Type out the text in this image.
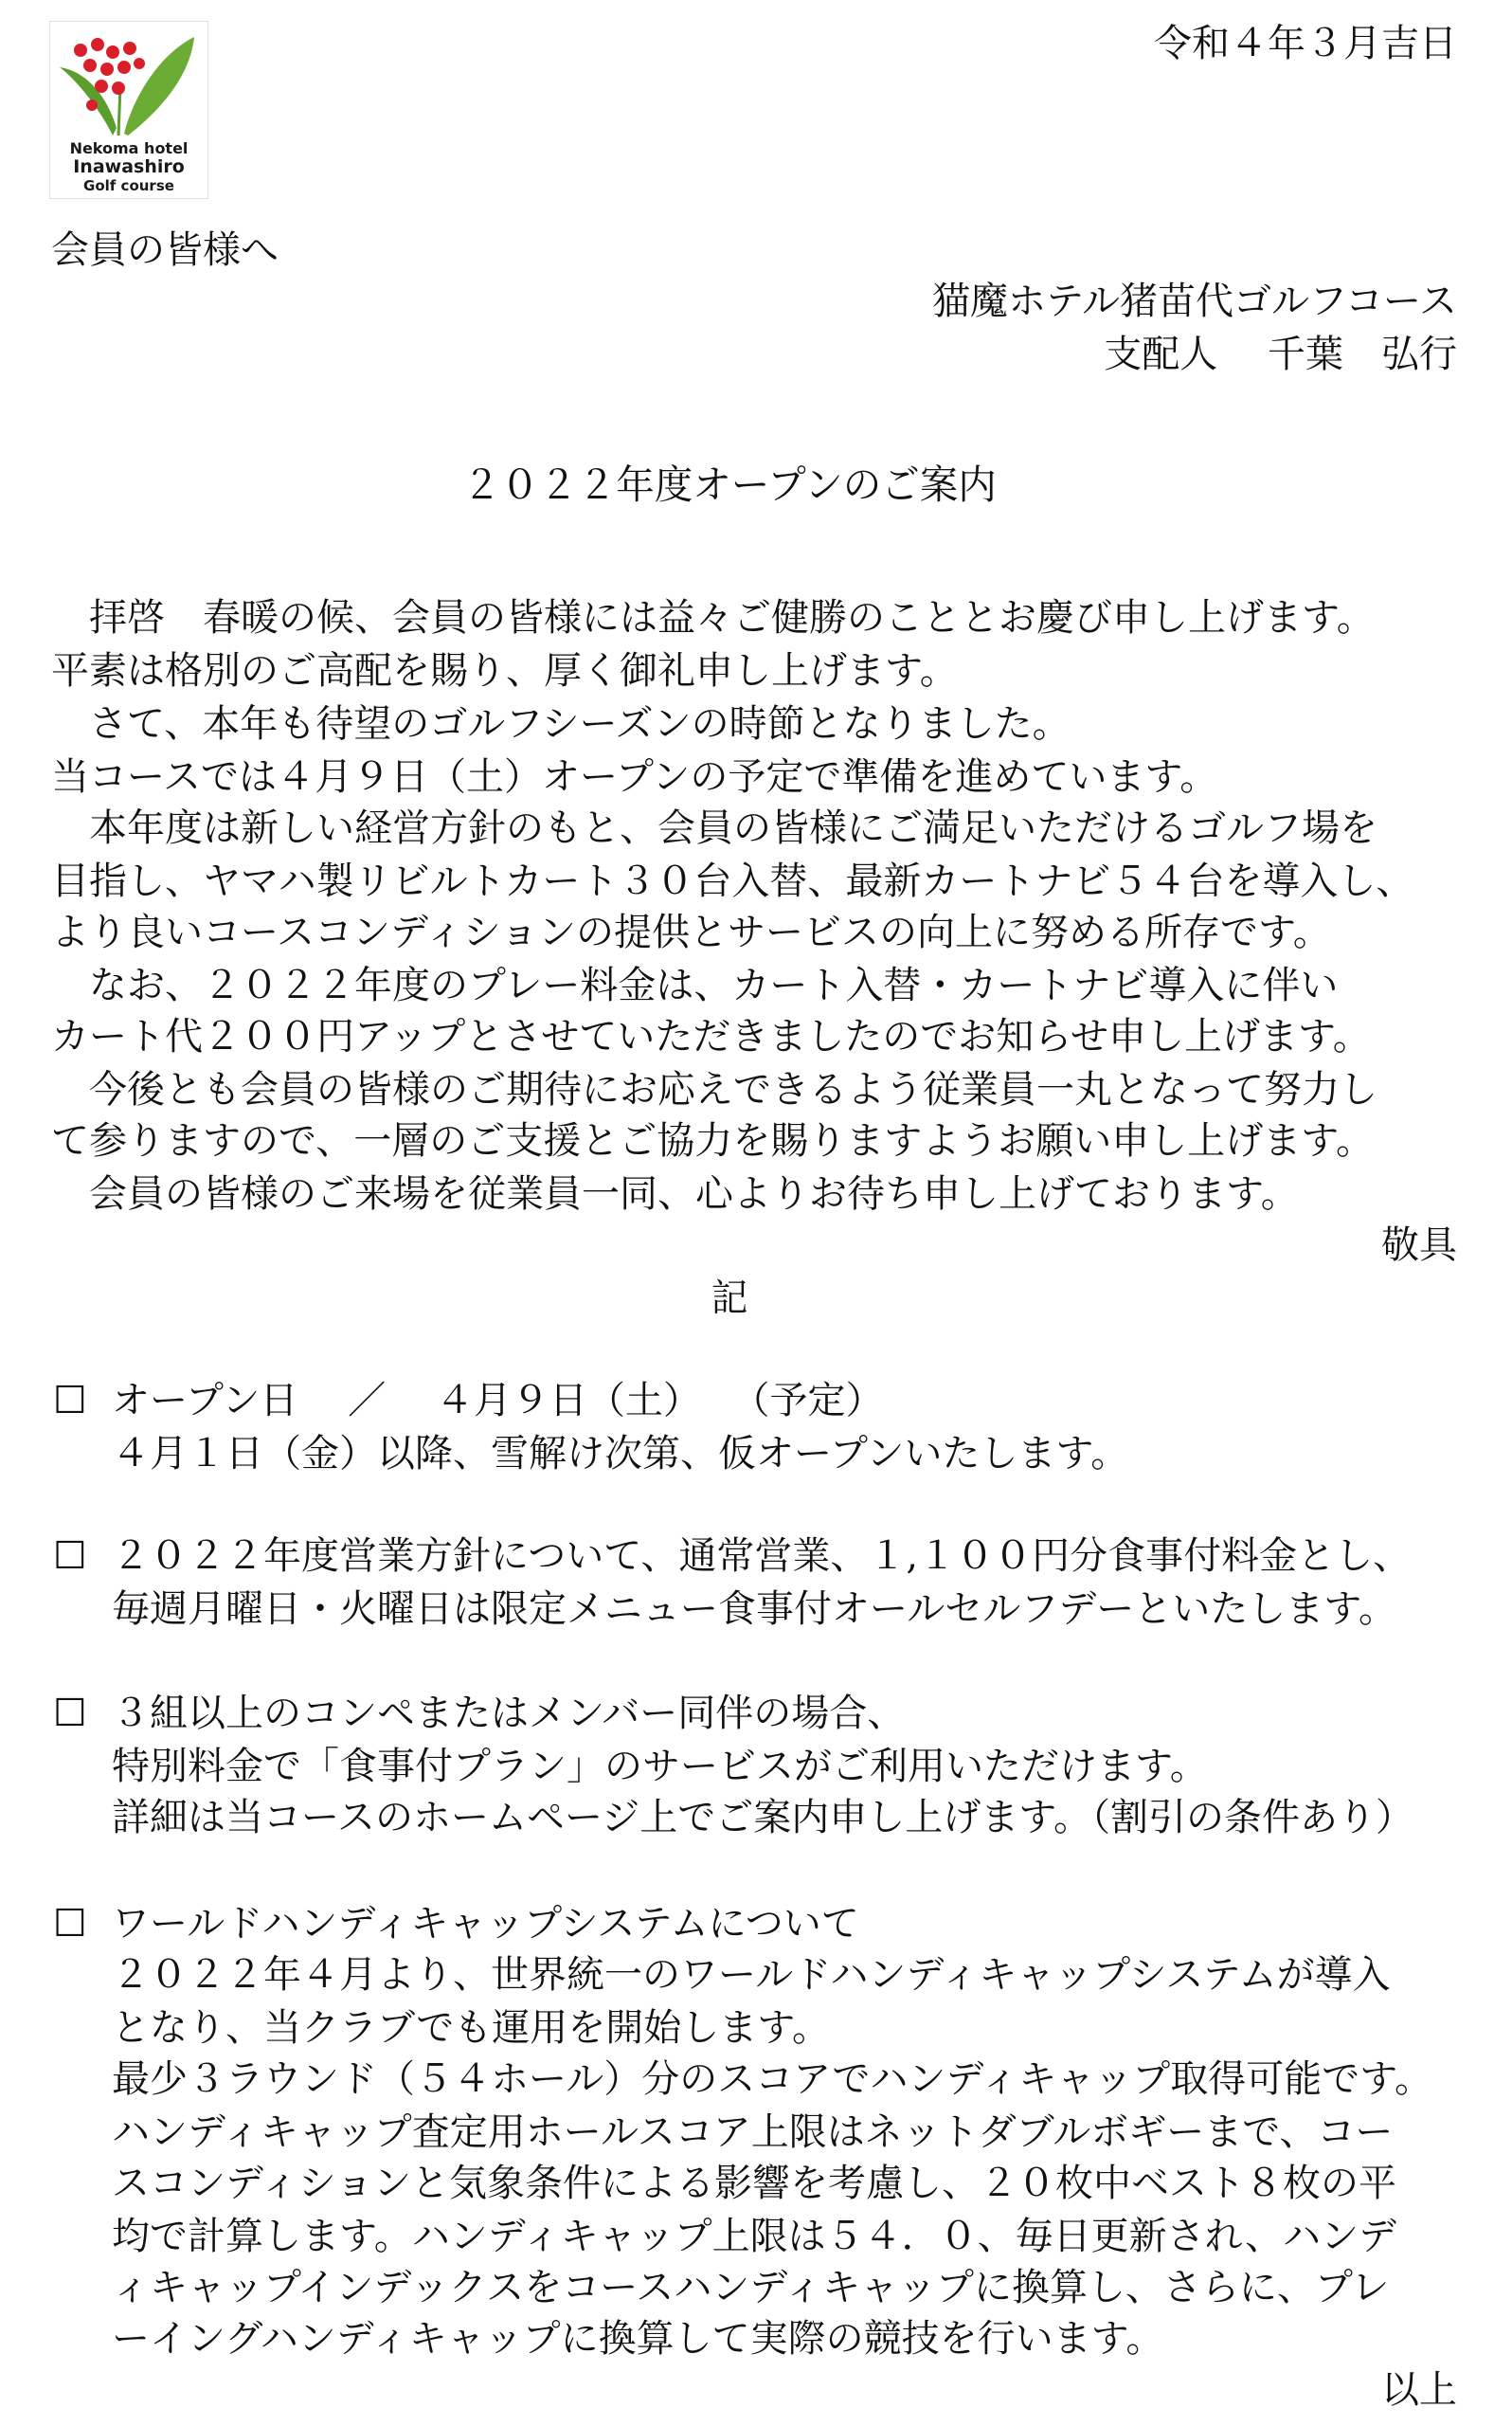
Nekoma hotel
Inawashiro
Golf course
令和４年３月吉日
会員の皆様へ
猫魔ホテル猪苗代ゴルフコース
支配人　 千葉　弘行
２０２２年度オープンのご案内
　拝啓　春暖の候、会員の皆様には益々ご健勝のこととお慶び申し上げます。
平素は格別のご高配を賜り、厚く御礼申し上げます。
　さて、本年も待望のゴルフシーズンの時節となりました。
当コースでは４月９日（土）オープンの予定で準備を進めています。
　本年度は新しい経営方針のもと、会員の皆様にご満足いただけるゴルフ場を
目指し、ヤマハ製リビルトカート３０台入替、最新カートナビ５４台を導入し、
より良いコースコンディションの提供とサービスの向上に努める所存です。
　なお、２０２２年度のプレー料金は、カート入替・カートナビ導入に伴い
カート代２００円アップとさせていただきましたのでお知らせ申し上げます。
　今後とも会員の皆様のご期待にお応えできるよう従業員一丸となって努力し
て参りますので、一層のご支援とご協力を賜りますようお願い申し上げます。
　会員の皆様のご来場を従業員一同、心よりお待ち申し上げております。
敬具
記
☐ オープン日　 ／　 ４月９日（土）　 （予定）
４月１日（金）以降、雪解け次第、仮オープンいたします。
☐ ２０２２年度営業方針について、通常営業、１,１００円分食事付料金とし、
毎週月曜日・火曜日は限定メニュー食事付オールセルフデーといたします。
☐ ３組以上のコンペまたはメンバー同伴の場合、
特別料金で「食事付プラン」のサービスがご利用いただけます。
詳細は当コースのホームページ上でご案内申し上げます。（割引の条件あり）
☐ ワールドハンディキャップシステムについて
２０２２年４月より、世界統一のワールドハンディキャップシステムが導入
となり、当クラブでも運用を開始します。
最少３ラウンド（５４ホール）分のスコアでハンディキャップ取得可能です。
ハンディキャップ査定用ホールスコア上限はネットダブルボギーまで、コー
スコンディションと気象条件による影響を考慮し、２０枚中ベスト８枚の平
均で計算します。ハンディキャップ上限は５４．０、毎日更新され、ハンデ
ィキャップインデックスをコースハンディキャップに換算し、さらに、プレ
ーイングハンディキャップに換算して実際の競技を行います。
以上
